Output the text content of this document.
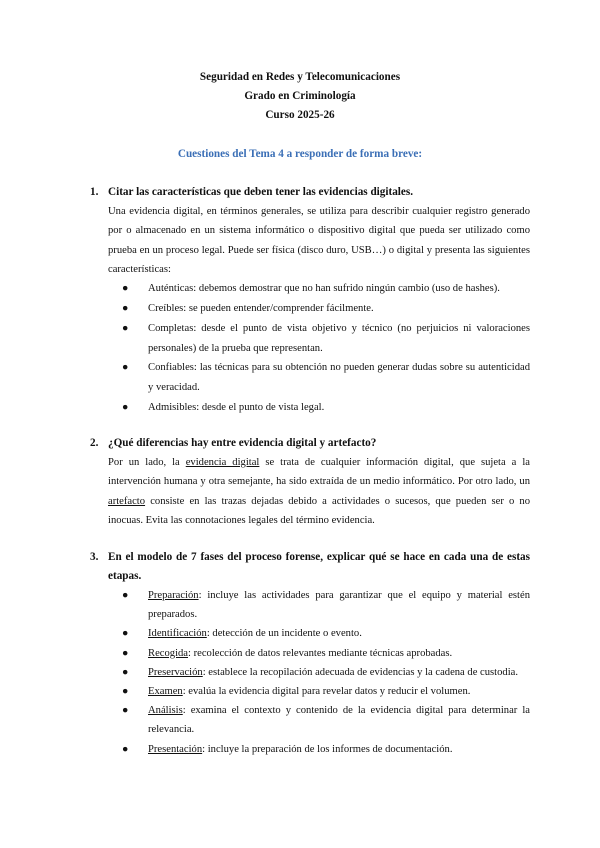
Seguridad en Redes y Telecomunicaciones
Grado en Criminología
Curso 2025-26
Cuestiones del Tema 4 a responder de forma breve:
1. Citar las características que deben tener las evidencias digitales.
Una evidencia digital, en términos generales, se utiliza para describir cualquier registro generado por o almacenado en un sistema informático o dispositivo digital que pueda ser utilizado como prueba en un proceso legal. Puede ser física (disco duro, USB…) o digital y presenta las siguientes características:
● Auténticas: debemos demostrar que no han sufrido ningún cambio (uso de hashes).
● Creíbles: se pueden entender/comprender fácilmente.
● Completas: desde el punto de vista objetivo y técnico (no perjuicios ni valoraciones personales) de la prueba que representan.
● Confiables: las técnicas para su obtención no pueden generar dudas sobre su autenticidad y veracidad.
● Admisibles: desde el punto de vista legal.
2. ¿Qué diferencias hay entre evidencia digital y artefacto?
Por un lado, la evidencia digital se trata de cualquier información digital, que sujeta a la intervención humana y otra semejante, ha sido extraída de un medio informático. Por otro lado, un artefacto consiste en las trazas dejadas debido a actividades o sucesos, que pueden ser o no inocuas. Evita las connotaciones legales del término evidencia.
3. En el modelo de 7 fases del proceso forense, explicar qué se hace en cada una de estas etapas.
● Preparación: incluye las actividades para garantizar que el equipo y material estén preparados.
● Identificación: detección de un incidente o evento.
● Recogida: recolección de datos relevantes mediante técnicas aprobadas.
● Preservación: establece la recopilación adecuada de evidencias y la cadena de custodia.
● Examen: evalúa la evidencia digital para revelar datos y reducir el volumen.
● Análisis: examina el contexto y contenido de la evidencia digital para determinar la relevancia.
● Presentación: incluye la preparación de los informes de documentación.
